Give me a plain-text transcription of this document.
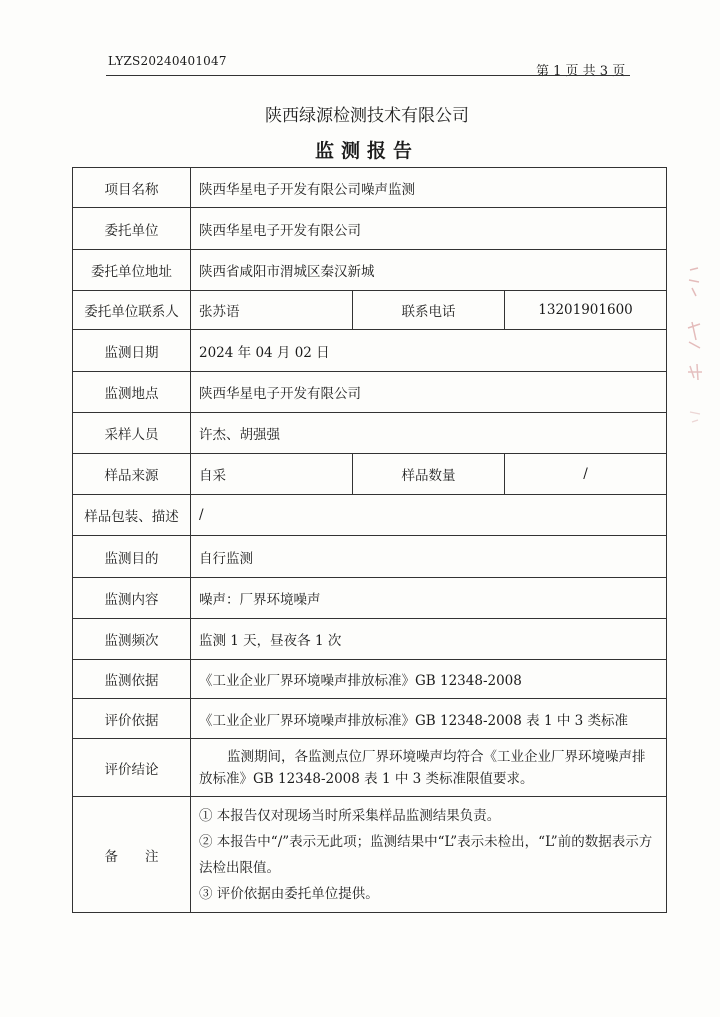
LYZS20240401047
第 1 页 共 3 页
陕西绿源检测技术有限公司
监测报告
项目名称	陕西华星电子开发有限公司噪声监测		
委托单位	陕西华星电子开发有限公司		
委托单位地址	陕西省咸阳市渭城区秦汉新城		
委托单位联系人	张苏语	联系电话	13201901600
监测日期	2024 年 04 月 02 日		
监测地点	陕西华星电子开发有限公司		
采样人员	许杰、胡强强		
样品来源	自采	样品数量	/
样品包装、描述	/		
监测目的	自行监测		
监测内容	噪声：厂界环境噪声		
监测频次	监测 1 天，昼夜各 1 次		
监测依据	《工业企业厂界环境噪声排放标准》GB 12348-2008		
评价依据	《工业企业厂界环境噪声排放标准》GB 12348-2008 表 1 中 3 类标准		
评价结论	监测期间，各监测点位厂界环境噪声均符合《工业企业厂界环境噪声排放标准》GB 12348-2008 表 1 中 3 类标准限值要求。		
备　　注	① 本报告仅对现场当时所采集样品监测结果负责。
② 本报告中“/”表示无此项；监测结果中“L”表示未检出，“L”前的数据表示方法检出限值。
③ 评价依据由委托单位提供。		
